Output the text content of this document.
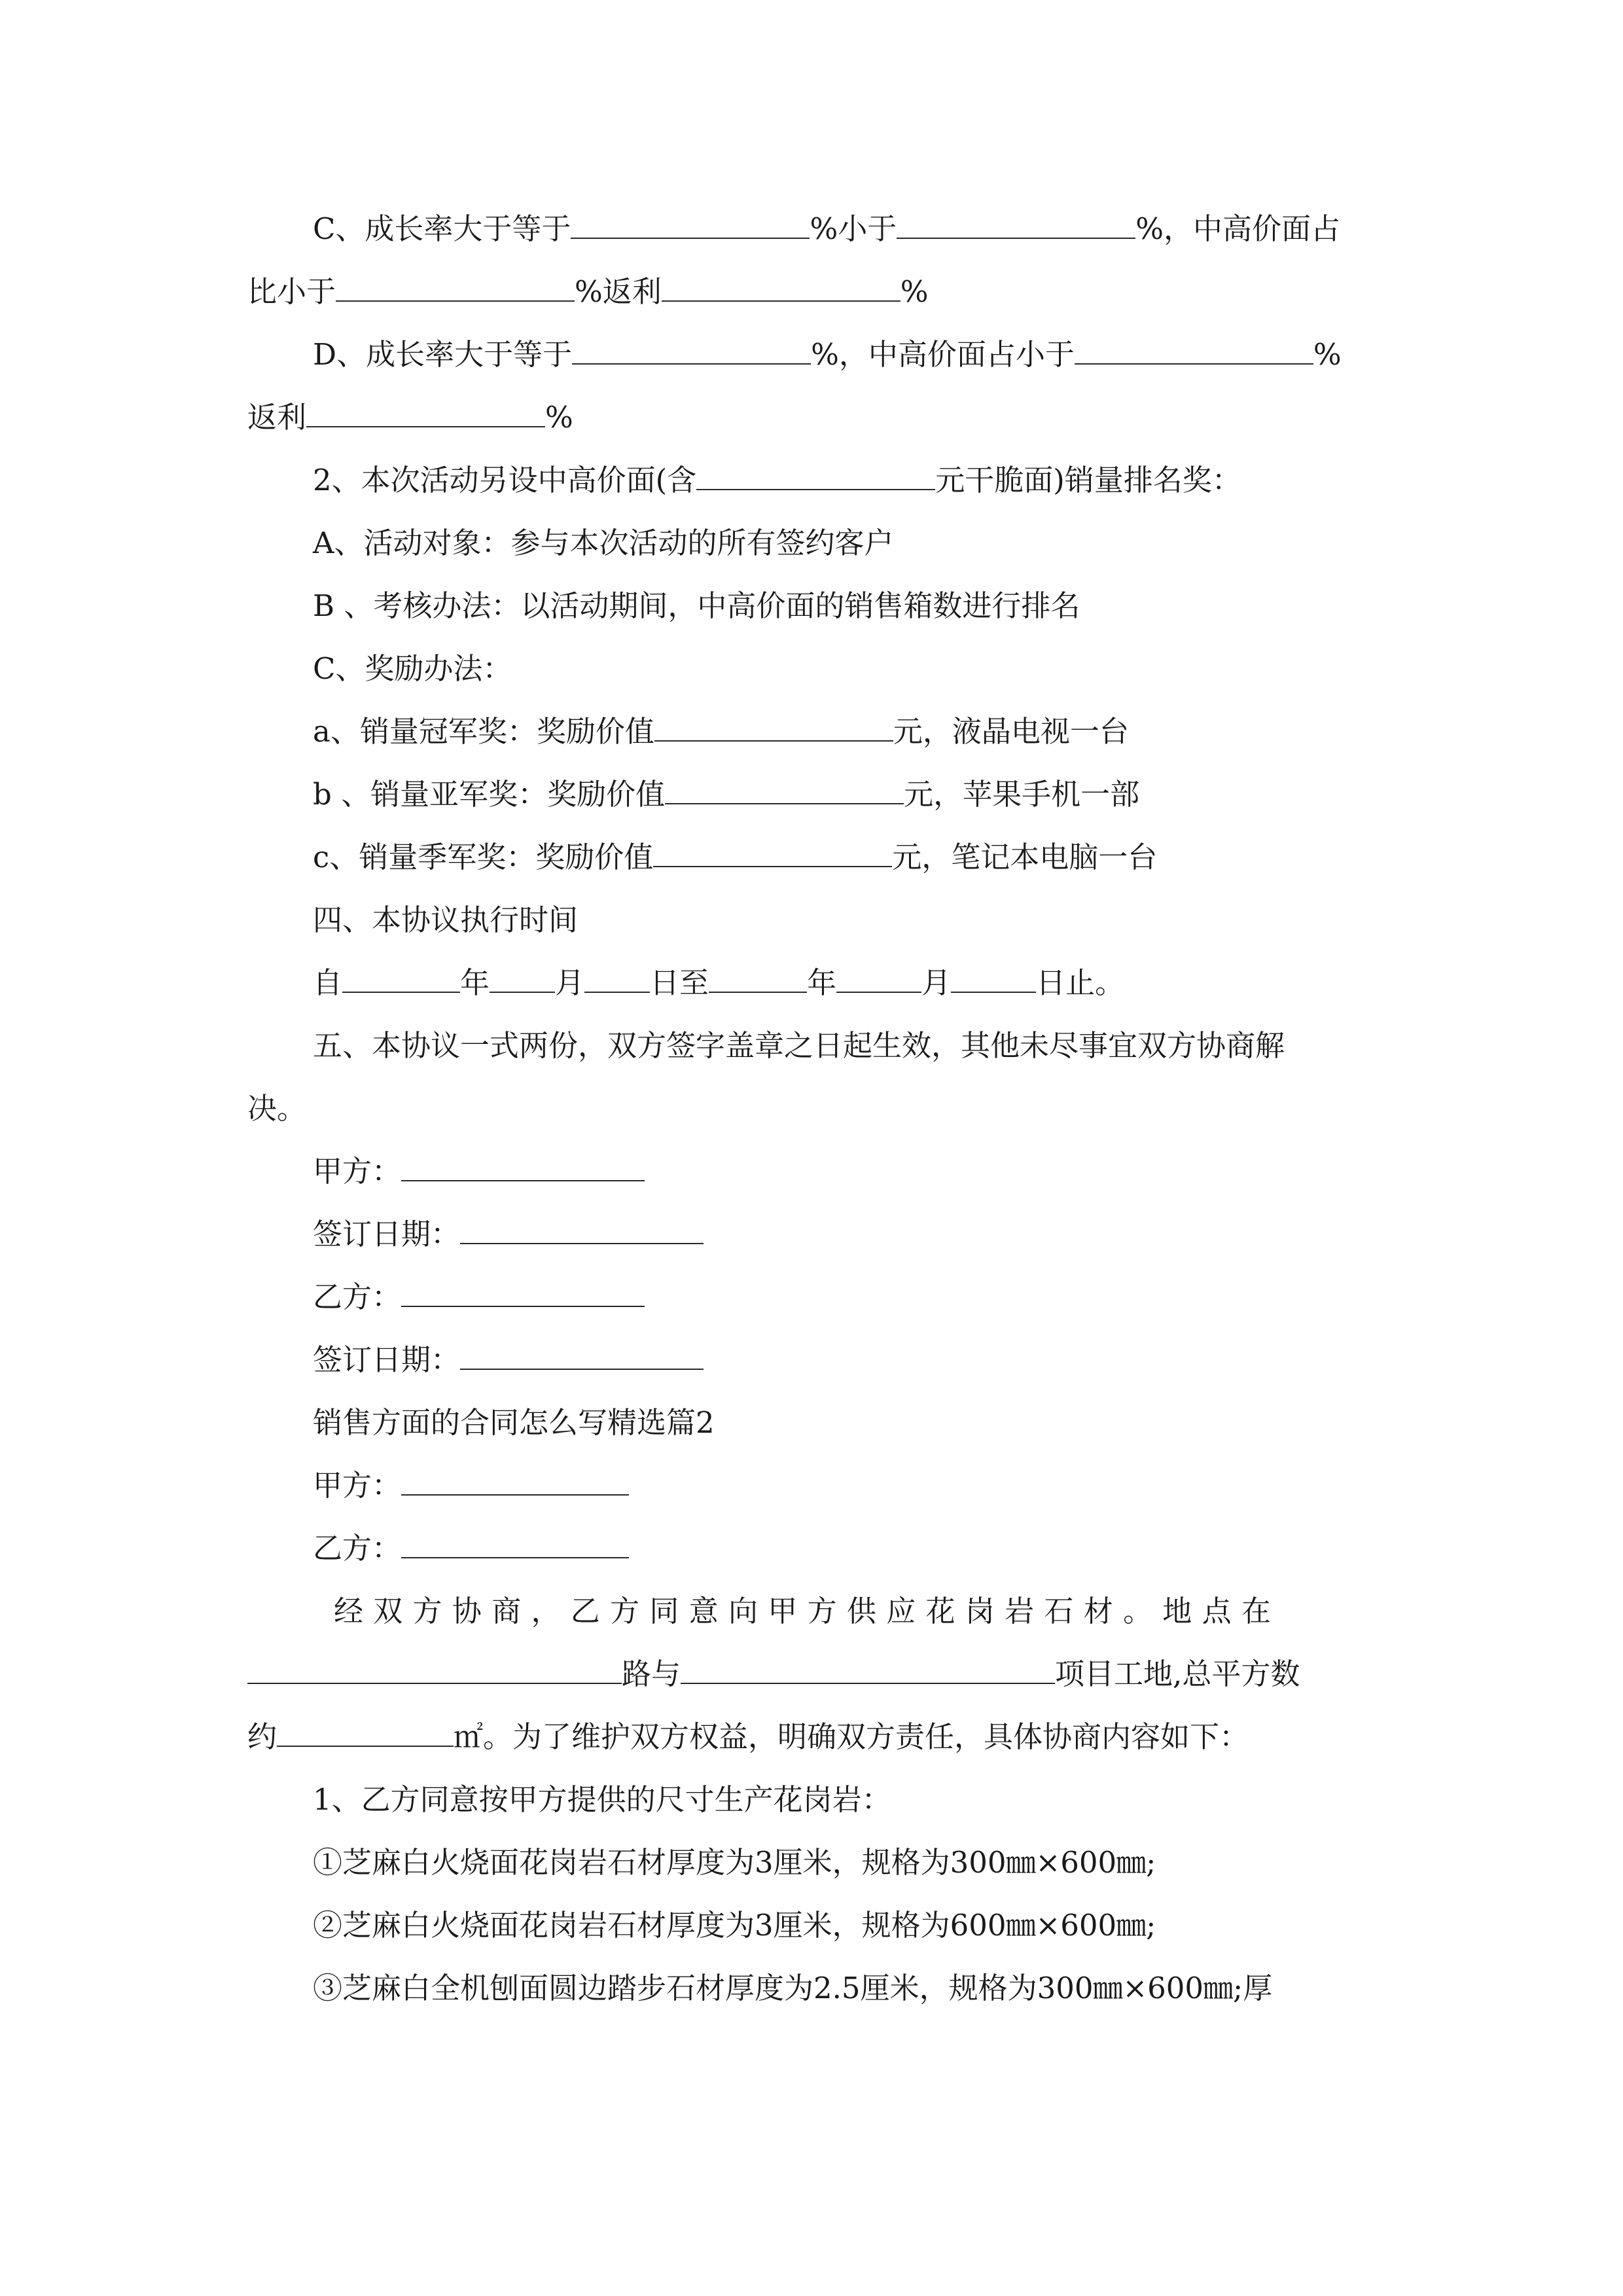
C、成长率大于等于	%小于	%，中高价面占
比小于	%返利	%
D、成长率大于等于	%，中高价面占小于	%
返利	%
2、本次活动另设中高价面(含	元干脆面)销量排名奖：
A、活动对象：参与本次活动的所有签约客户
B 、考核办法：以活动期间，中高价面的销售箱数进行排名
C、奖励办法：
a、销量冠军奖：奖励价值	元，液晶电视一台
b 、销量亚军奖：奖励价值	元，苹果手机一部
c、销量季军奖：奖励价值	元，笔记本电脑一台
四、本协议执行时间
自	年 月 日至	年	月	日止。
五、本协议一式两份，双方签字盖章之日起生效，其他未尽事宜双方协商解
决。
甲方：
签订日期：
乙方：
签订日期：
销售方面的合同怎么写精选篇2
甲方：
乙方：
经双方协商，乙方同意向甲方供应花岗岩石材。地点在
路与	项目工地,总平方数
约	㎡。为了维护双方权益，明确双方责任，具体协商内容如下：
1、乙方同意按甲方提供的尺寸生产花岗岩：
①芝麻白火烧面花岗岩石材厚度为3厘米，规格为300㎜×600㎜;
②芝麻白火烧面花岗岩石材厚度为3厘米，规格为600㎜×600㎜;
③芝麻白全机刨面圆边踏步石材厚度为2.5厘米，规格为300㎜×600㎜;厚
